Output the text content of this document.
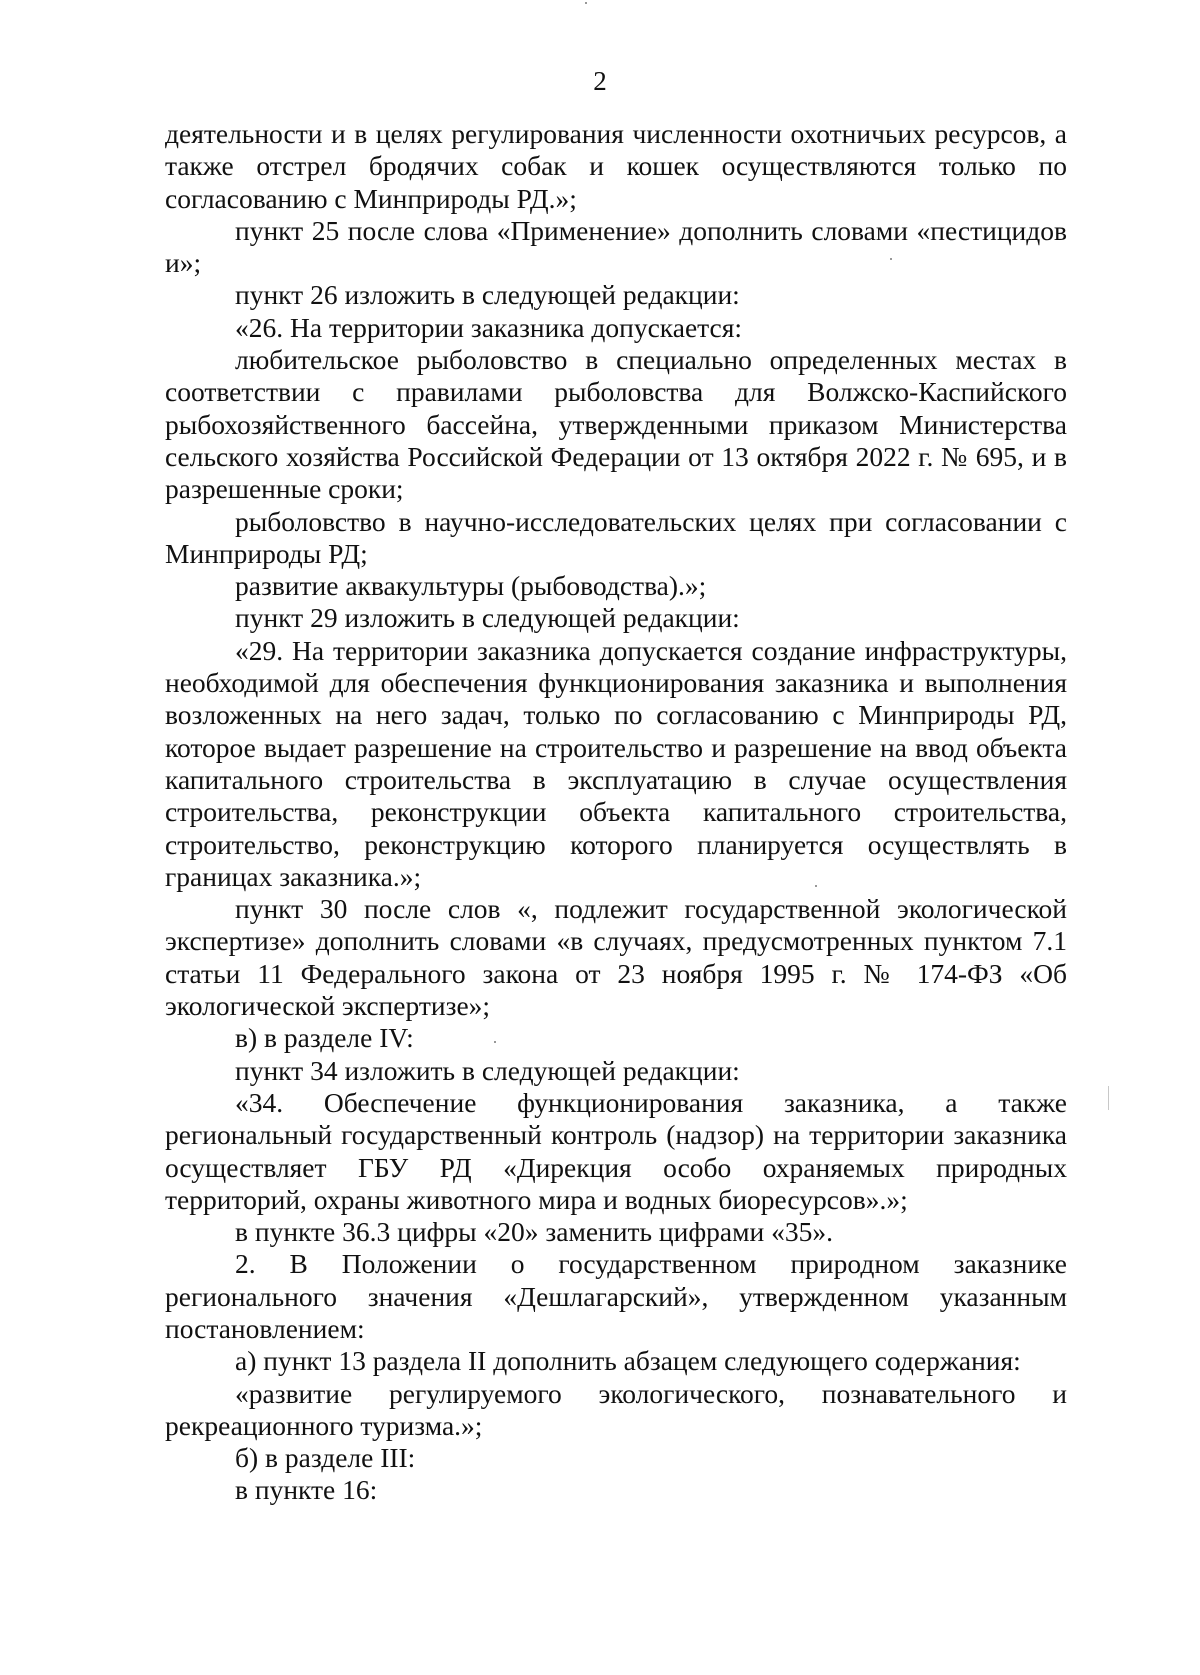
2

деятельности и в целях регулирования численности охотничьих ресурсов, а также отстрел бродячих собак и кошек осуществляются только по согласованию с Минприроды РД.»;

пункт 25 после слова «Применение» дополнить словами «пестицидов и»;

пункт 26 изложить в следующей редакции:

«26. На территории заказника допускается:

любительское рыболовство в специально определенных местах в соответствии с правилами рыболовства для Волжско-Каспийского рыбохозяйственного бассейна, утвержденными приказом Министерства сельского хозяйства Российской Федерации от 13 октября 2022 г. № 695, и в разрешенные сроки;

рыболовство в научно-исследовательских целях при согласовании с Минприроды РД;

развитие аквакультуры (рыбоводства).»;

пункт 29 изложить в следующей редакции:

«29. На территории заказника допускается создание инфраструктуры, необходимой для обеспечения функционирования заказника и выполнения возложенных на него задач, только по согласованию с Минприроды РД, которое выдает разрешение на строительство и разрешение на ввод объекта капитального строительства в эксплуатацию в случае осуществления строительства, реконструкции объекта капитального строительства, строительство, реконструкцию которого планируется осуществлять в границах заказника.»;

пункт 30 после слов «, подлежит государственной экологической экспертизе» дополнить словами «в случаях, предусмотренных пунктом 7.1 статьи 11 Федерального закона от 23 ноября 1995 г. № 174-ФЗ «Об экологической экспертизе»;

в) в разделе IV:

пункт 34 изложить в следующей редакции:

«34. Обеспечение функционирования заказника, а также региональный государственный контроль (надзор) на территории заказника осуществляет ГБУ РД «Дирекция особо охраняемых природных территорий, охраны животного мира и водных биоресурсов».»;

в пункте 36.3 цифры «20» заменить цифрами «35».

2. В Положении о государственном природном заказнике регионального значения «Дешлагарский», утвержденном указанным постановлением:

а) пункт 13 раздела II дополнить абзацем следующего содержания:

«развитие регулируемого экологического, познавательного и рекреационного туризма.»;

б) в разделе III:

в пункте 16:
